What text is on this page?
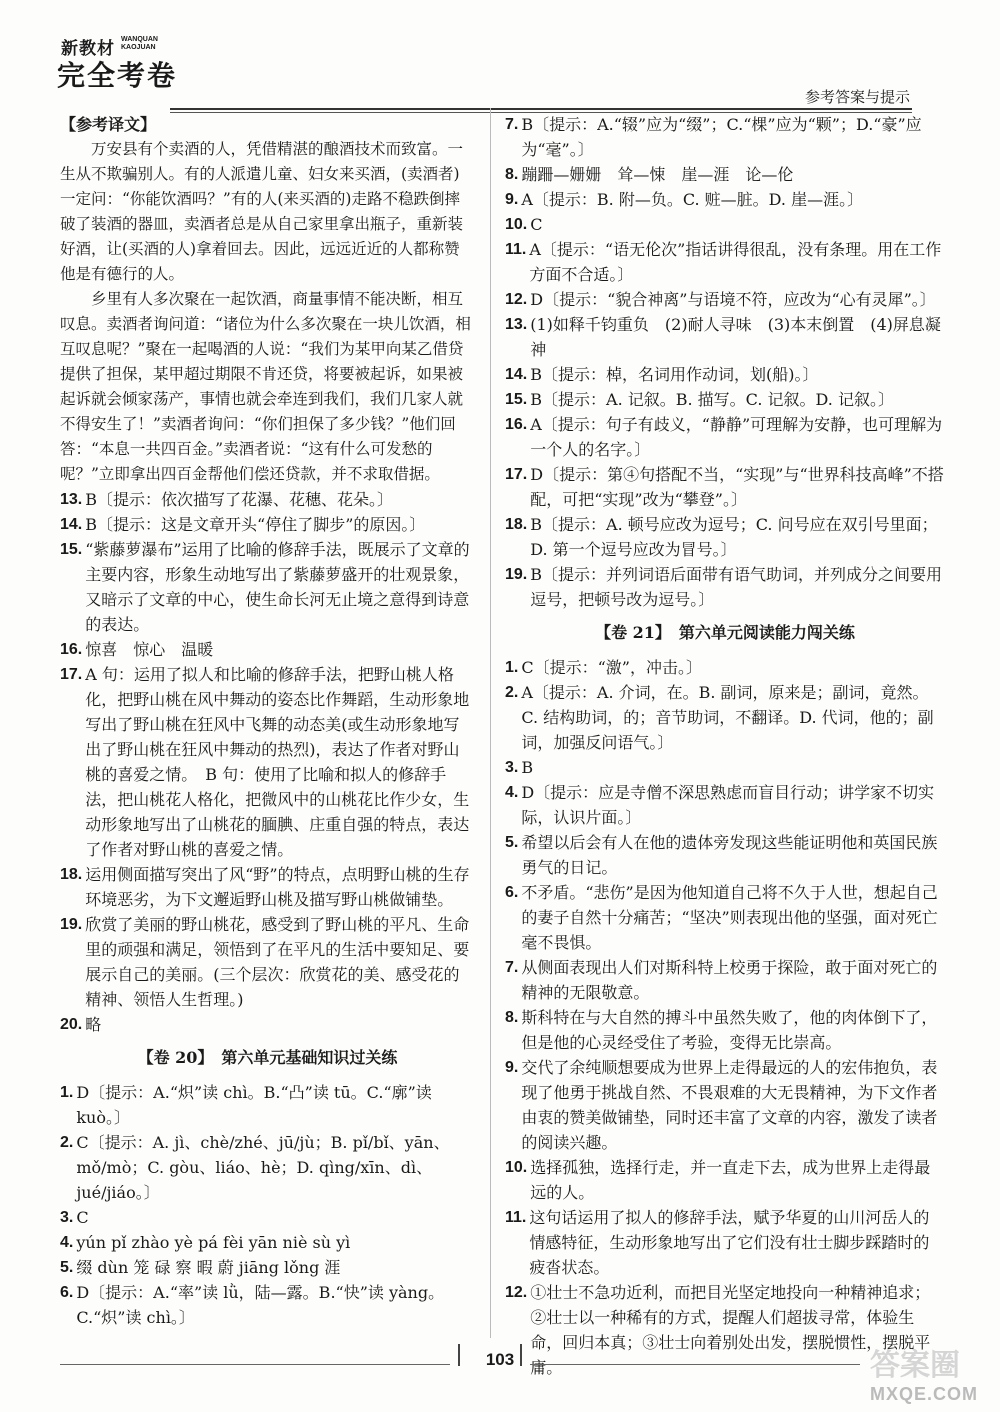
新教材 WANQUAN
KAOJUAN
完全考卷
参考答案与提示
【参考译文】

万安县有个卖酒的人，凭借精湛的酿酒技术而致富。一生从不欺骗别人。有的人派遣儿童、妇女来买酒，(卖酒者)一定问：“你能饮酒吗？”有的人(来买酒的)走路不稳跌倒摔破了装酒的器皿，卖酒者总是从自己家里拿出瓶子，重新装好酒，让(买酒的人)拿着回去。因此，远远近近的人都称赞他是有德行的人。

乡里有人多次聚在一起饮酒，商量事情不能决断，相互叹息。卖酒者询问道：“诸位为什么多次聚在一块儿饮酒，相互叹息呢？”聚在一起喝酒的人说：“我们为某甲向某乙借贷提供了担保，某甲超过期限不肯还贷，将要被起诉，如果被起诉就会倾家荡产，事情也就会牵连到我们，我们几家人就不得安生了！”卖酒者询问：“你们担保了多少钱？”他们回答：“本息一共四百金。”卖酒者说：“这有什么可发愁的呢？”立即拿出四百金帮他们偿还贷款，并不求取借据。

13. B〔提示：依次描写了花瀑、花穗、花朵。〕
14. B〔提示：这是文章开头“停住了脚步”的原因。〕
15. “紫藤萝瀑布”运用了比喻的修辞手法，既展示了文章的主要内容，形象生动地写出了紫藤萝盛开的壮观景象，又暗示了文章的中心，使生命长河无止境之意得到诗意的表达。
16. 惊喜　惊心　温暖
17. A 句：运用了拟人和比喻的修辞手法，把野山桃人格化，把野山桃在风中舞动的姿态比作舞蹈，生动形象地写出了野山桃在狂风中飞舞的动态美(或生动形象地写出了野山桃在狂风中舞动的热烈)，表达了作者对野山桃的喜爱之情。　B 句：使用了比喻和拟人的修辞手法，把山桃花人格化，把微风中的山桃花比作少女，生动形象地写出了山桃花的腼腆、庄重自强的特点，表达了作者对野山桃的喜爱之情。
18. 运用侧面描写突出了风“野”的特点，点明野山桃的生存环境恶劣，为下文邂逅野山桃及描写野山桃做铺垫。
19. 欣赏了美丽的野山桃花，感受到了野山桃的平凡、生命里的顽强和满足，领悟到了在平凡的生活中要知足、要展示自己的美丽。(三个层次：欣赏花的美、感受花的精神、领悟人生哲理。)
20. 略
【卷 20】　第六单元基础知识过关练
1. D〔提示：A.“炽”读 chì。B.“凸”读 tū。C.“廓”读 kuò。〕
2. C〔提示：A. jì、chè/zhé、jū/jù；B. pǐ/bǐ、yān、mǒ/mò；C. gòu、liáo、hè；D. qìng/xīn、dì、jué/jiáo。〕
3. C
4. yún pǐ zhào yè pá fèi yān niè sù yì
5. 缀 dùn 笼 碌 察 暇 蔚 jiāng lǒng 涯
6. D〔提示：A.“率”读 lǜ，陆—露。B.“快”读 yàng。C.“炽”读 chì。〕
7. B〔提示：A.“辍”应为“缀”；C.“棵”应为“颗”；D.“豪”应为“毫”。〕
8. 蹦跚—姗姗　耸—悚　崖—涯　论—伦
9. A〔提示：B. 附—负。C. 赃—脏。D. 崖—涯。〕
10. C
11. A〔提示：“语无伦次”指话讲得很乱，没有条理。用在工作方面不合适。〕
12. D〔提示：“貌合神离”与语境不符，应改为“心有灵犀”。〕
13. (1)如释千钧重负　(2)耐人寻味　(3)本末倒置　(4)屏息凝神
14. B〔提示：棹，名词用作动词，划(船)。〕
15. B〔提示：A. 记叙。B. 描写。C. 记叙。D. 记叙。〕
16. A〔提示：句子有歧义，“静静”可理解为安静，也可理解为一个人的名字。〕
17. D〔提示：第④句搭配不当，“实现”与“世界科技高峰”不搭配，可把“实现”改为“攀登”。〕
18. B〔提示：A. 顿号应改为逗号；C. 问号应在双引号里面；D. 第一个逗号应改为冒号。〕
19. B〔提示：并列词语后面带有语气助词，并列成分之间要用逗号，把顿号改为逗号。〕
【卷 21】　第六单元阅读能力闯关练
1. C〔提示：“激”，冲击。〕
2. A〔提示：A. 介词，在。B. 副词，原来是；副词，竟然。C. 结构助词，的；音节助词，不翻译。D. 代词，他的；副词，加强反问语气。〕
3. B
4. D〔提示：应是寺僧不深思熟虑而盲目行动；讲学家不切实际，认识片面。〕
5. 希望以后会有人在他的遗体旁发现这些能证明他和英国民族勇气的日记。
6. 不矛盾。“悲伤”是因为他知道自己将不久于人世，想起自己的妻子自然十分痛苦；“坚决”则表现出他的坚强，面对死亡毫不畏惧。
7. 从侧面表现出人们对斯科特上校勇于探险，敢于面对死亡的精神的无限敬意。
8. 斯科特在与大自然的搏斗中虽然失败了，他的肉体倒下了，但是他的心灵经受住了考验，变得无比崇高。
9. 交代了余纯顺想要成为世界上走得最远的人的宏伟抱负，表现了他勇于挑战自然、不畏艰难的大无畏精神，为下文作者由衷的赞美做铺垫，同时还丰富了文章的内容，激发了读者的阅读兴趣。
10. 选择孤独，选择行走，并一直走下去，成为世界上走得最远的人。
11. 这句话运用了拟人的修辞手法，赋予华夏的山川河岳人的情感特征，生动形象地写出了它们没有壮士脚步踩踏时的疲沓状态。
12. ①壮士不急功近利，而把目光坚定地投向一种精神追求；②壮士以一种稀有的方式，提醒人们超拔寻常，体验生命，回归本真；③壮士向着别处出发，摆脱惯性，摆脱平庸。
103	答案圈
MXQE.COM
